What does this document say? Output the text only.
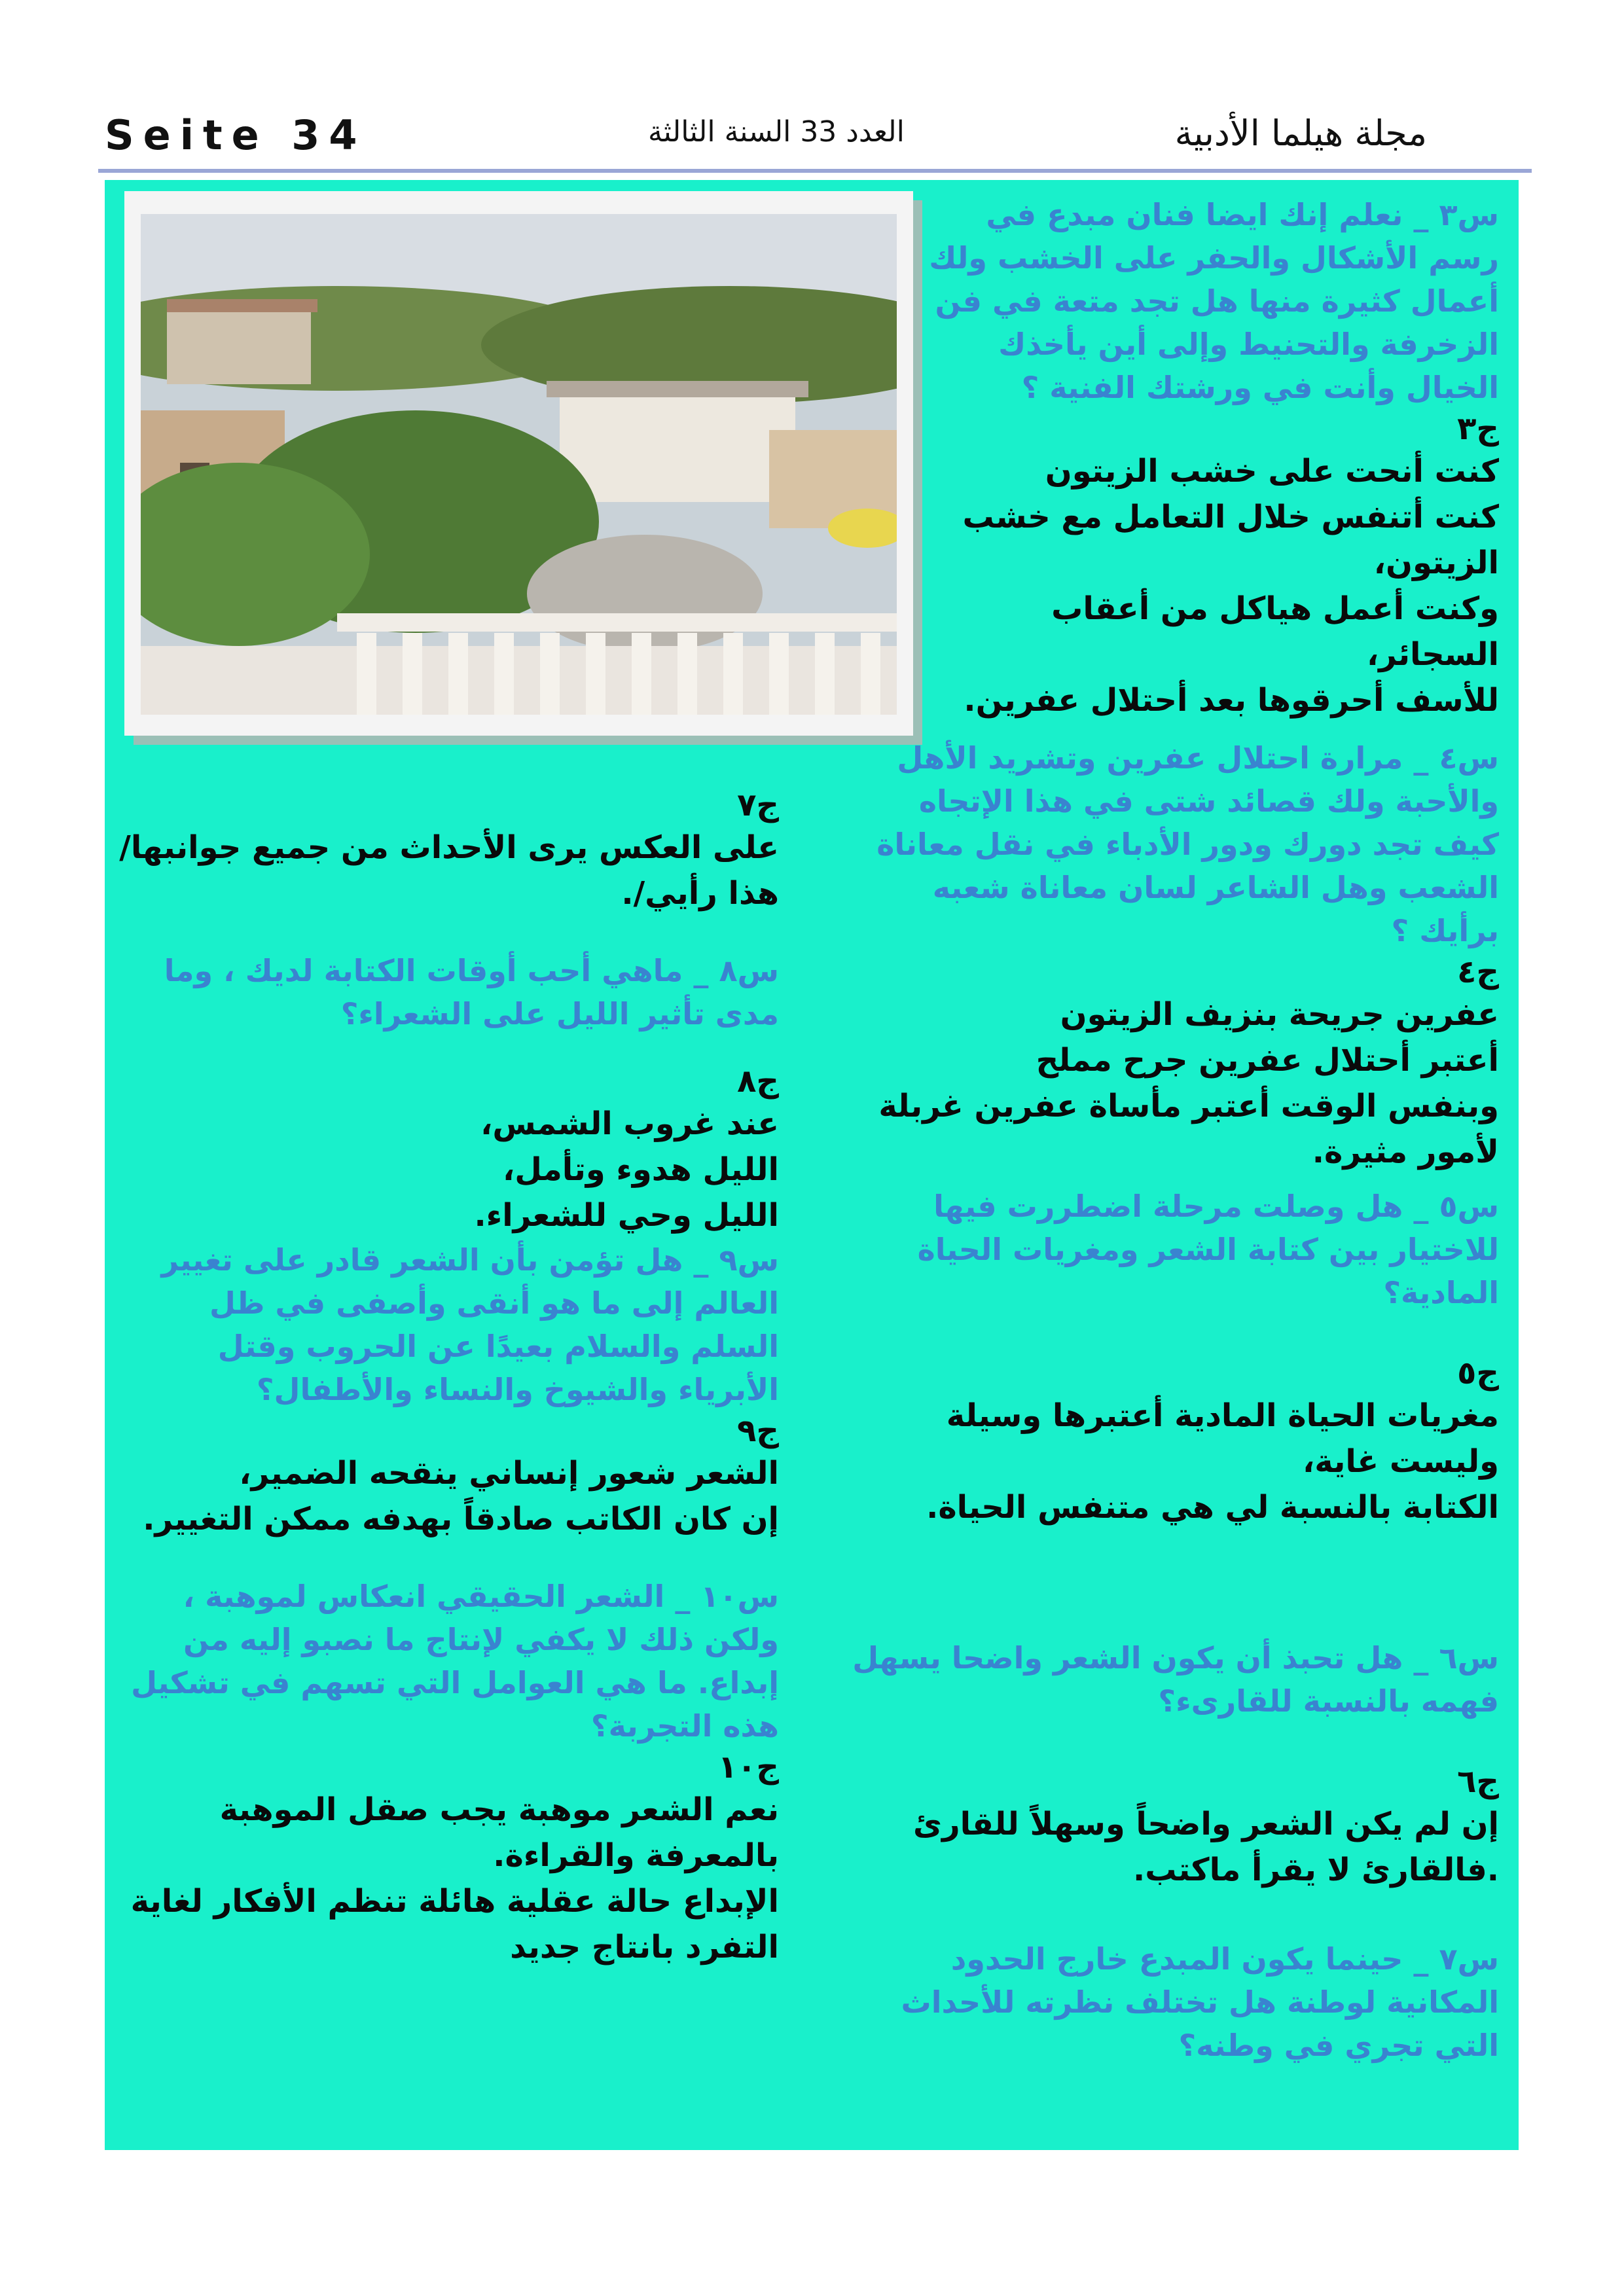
Seite 34	العدد 33 السنة الثالثة	مجلة هيلما الأدبية

س٣ _ نعلم إنك ايضا فنان مبدع في رسم الأشكال والحفر على الخشب ولك أعمال كثيرة منها هل تجد متعة في فن الزخرفة والتحنيط وإلى أين يأخذك الخيال وأنت في ورشتك الفنية ؟

ج٣

كنت أنحت على خشب الزيتون

كنت أتنفس خلال التعامل مع خشب الزيتون،

وكنت أعمل هياكل من أعقاب السجائر،

للأسف أحرقوها بعد أحتلال عفرين.

س٤ _ مرارة احتلال عفرين وتشريد الأهل والأحبة ولك قصائد شتى في هذا الإتجاه كيف تجد دورك ودور الأدباء في نقل معاناة الشعب وهل الشاعر لسان معاناة شعبه برأيك ؟

ج٤

عفرين جريحة بنزيف الزيتون

أعتبر أحتلال عفرين جرح مملح

وبنفس الوقت أعتبر مأساة عفرين غربلة لأمور مثيرة.

س٥ _ هل وصلت مرحلة اضطررت فيها للاختيار بين كتابة الشعر ومغريات الحياة المادية؟

ج٥

مغريات الحياة المادية أعتبرها وسيلة وليست غاية،

الكتابة بالنسبة لي هي متنفس الحياة.

س٦ _ هل تحبذ أن يكون الشعر واضحا يسهل فهمه بالنسبة للقارىء؟

ج٦

إن لم يكن الشعر واضحاً وسهلاً للقارئ .فالقارئ لا يقرأ ماكتب.

س٧ _ حينما يكون المبدع خارج الحدود المكانية لوطنة هل تختلف نظرته للأحداث التي تجري في وطنه؟

ج٧

على العكس يرى الأحداث من جميع جوانبها/ هذا رأيي/.

س٨ _ ماهي أحب أوقات الكتابة لديك ، وما مدى تأثير الليل على الشعراء؟

ج٨

عند غروب الشمس،

الليل هدوء وتأمل،

الليل وحي للشعراء.

س٩ _ هل تؤمن بأن الشعر قادر على تغيير العالم إلى ما هو أنقى وأصفى في ظل السلم والسلام بعيدًا عن الحروب وقتل الأبرياء والشيوخ والنساء والأطفال؟

ج٩

الشعر شعور إنساني ينقحه الضمير،

إن كان الكاتب صادقاً بهدفه ممكن التغيير.

س١٠ _ الشعر الحقيقي انعكاس لموهبة ، ولكن ذلك لا يكفي لإنتاج ما نصبو إليه من إبداع. ما هي العوامل التي تسهم في تشكيل هذه التجربة؟

ج١٠

نعم الشعر موهبة يجب صقل الموهبة بالمعرفة والقراءة.

الإبداع حالة عقلية هائلة تنظم الأفكار لغاية التفرد بانتاج جديد
